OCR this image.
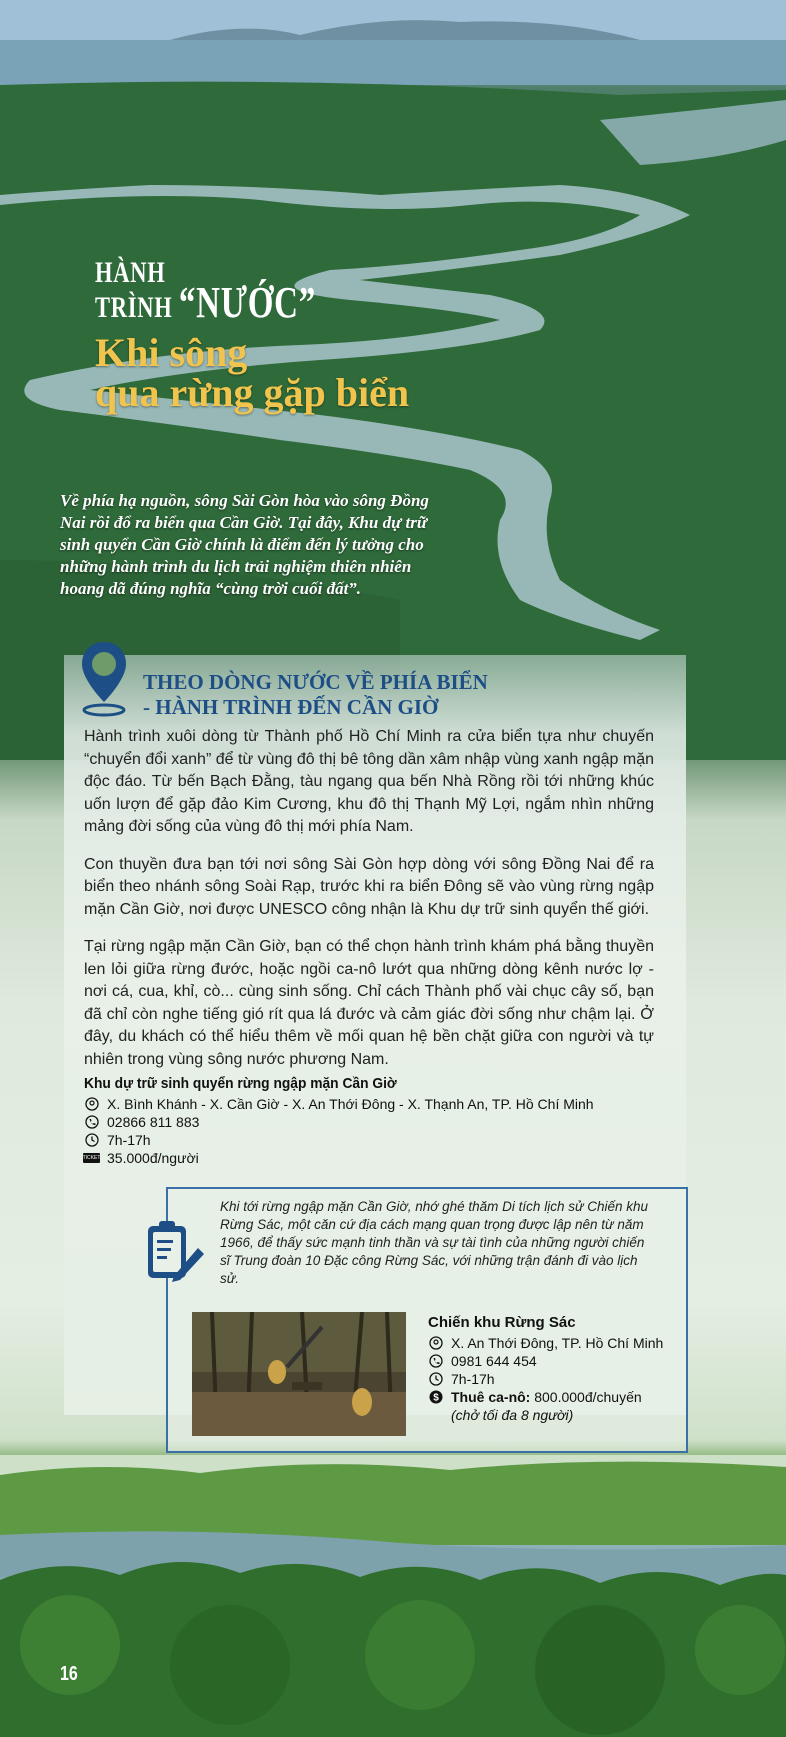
HÀNH
TRÌNH “NƯỚC”
Khi sông
qua rừng gặp biển
Về phía hạ nguồn, sông Sài Gòn hòa vào sông Đồng Nai rồi đổ ra biển qua Cần Giờ. Tại đây, Khu dự trữ sinh quyển Cần Giờ chính là điểm đến lý tưởng cho những hành trình du lịch trải nghiệm thiên nhiên hoang dã đúng nghĩa “cùng trời cuối đất”.
THEO DÒNG NƯỚC VỀ PHÍA BIỂN
- HÀNH TRÌNH ĐẾN CẦN GIỜ

Hành trình xuôi dòng từ Thành phố Hồ Chí Minh ra cửa biển tựa như chuyến “chuyển đổi xanh” để từ vùng đô thị bê tông dần xâm nhập vùng xanh ngập mặn độc đáo. Từ bến Bạch Đằng, tàu ngang qua bến Nhà Rồng rồi tới những khúc uốn lượn để gặp đảo Kim Cương, khu đô thị Thạnh Mỹ Lợi, ngắm nhìn những mảng đời sống của vùng đô thị mới phía Nam.

Con thuyền đưa bạn tới nơi sông Sài Gòn hợp dòng với sông Đồng Nai để ra biển theo nhánh sông Soài Rạp, trước khi ra biển Đông sẽ vào vùng rừng ngập mặn Cần Giờ, nơi được UNESCO công nhận là Khu dự trữ sinh quyển thế giới.

Tại rừng ngập mặn Cần Giờ, bạn có thể chọn hành trình khám phá bằng thuyền len lỏi giữa rừng đước, hoặc ngồi ca-nô lướt qua những dòng kênh nước lợ - nơi cá, cua, khỉ, cò... cùng sinh sống. Chỉ cách Thành phố vài chục cây số, bạn đã chỉ còn nghe tiếng gió rít qua lá đước và cảm giác đời sống như chậm lại. Ở đây, du khách có thể hiểu thêm về mối quan hệ bền chặt giữa con người và tự nhiên trong vùng sông nước phương Nam.

Khu dự trữ sinh quyển rừng ngập mặn Cần Giờ
X. Bình Khánh - X. Cần Giờ - X. An Thới Đông - X. Thạnh An, TP. Hồ Chí Minh
02866 811 883
7h-17h
TICKET 35.000đ/người
Khi tới rừng ngập mặn Cần Giờ, nhớ ghé thăm Di tích lịch sử Chiến khu Rừng Sác, một căn cứ địa cách mạng quan trọng được lập nên từ năm 1966, để thấy sức mạnh tinh thần và sự tài tình của những người chiến sĩ Trung đoàn 10 Đặc công Rừng Sác, với những trận đánh đi vào lịch sử.
Chiến khu Rừng Sác
X. An Thới Đông, TP. Hồ Chí Minh
0981 644 454
7h-17h
$ Thuê ca-nô: 800.000đ/chuyến
(chở tối đa 8 người)
16
